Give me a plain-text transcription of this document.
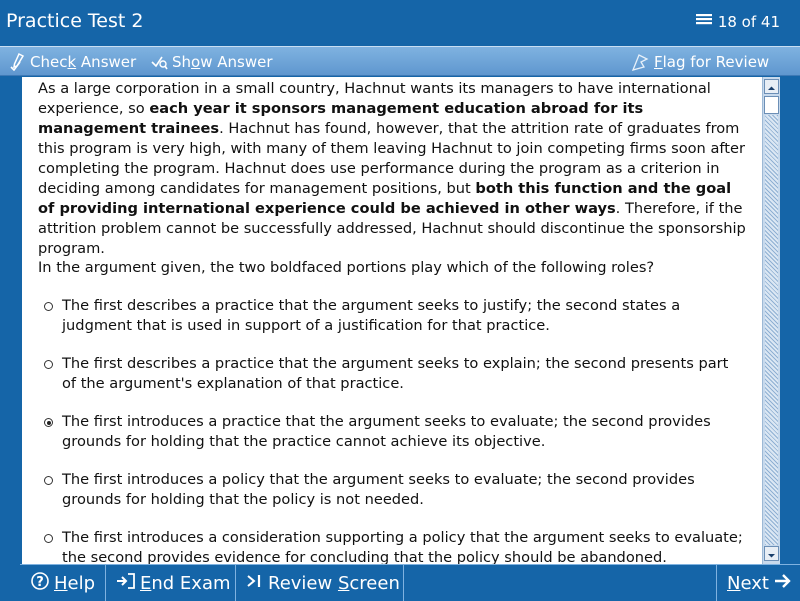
Practice Test 2	18 of 41
Check Answer Show Answer	Flag for Review
As a large corporation in a small country, Hachnut wants its managers to have international experience, so each year it sponsors management education abroad for its management trainees. Hachnut has found, however, that the attrition rate of graduates from this program is very high, with many of them leaving Hachnut to join competing firms soon after completing the program. Hachnut does use performance during the program as a criterion in deciding among candidates for management positions, but both this function and the goal of providing international experience could be achieved in other ways. Therefore, if the attrition problem cannot be successfully addressed, Hachnut should discontinue the sponsorship program.
In the argument given, the two boldfaced portions play which of the following roles?
The first describes a practice that the argument seeks to justify; the second states a judgment that is used in support of a justification for that practice.
The first describes a practice that the argument seeks to explain; the second presents part of the argument's explanation of that practice.
The first introduces a practice that the argument seeks to evaluate; the second provides grounds for holding that the practice cannot achieve its objective.
The first introduces a policy that the argument seeks to evaluate; the second provides grounds for holding that the policy is not needed.
The first introduces a consideration supporting a policy that the argument seeks to evaluate; the second provides evidence for concluding that the policy should be abandoned.
? Help End Exam Review Screen	Next
